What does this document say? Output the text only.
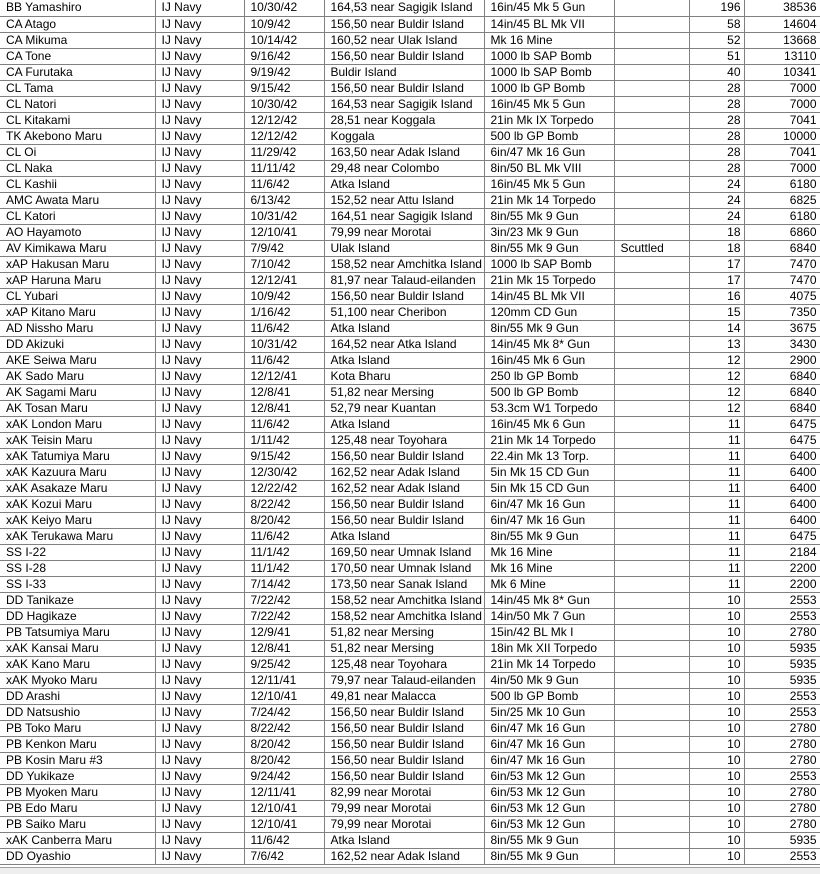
BB Yamashiro	IJ Navy	10/30/42	164,53 near Sagigik Island	16in/45 Mk 5 Gun		196	38536
CA Atago	IJ Navy	10/9/42	156,50 near Buldir Island	14in/45 BL Mk VII		58	14604
CA Mikuma	IJ Navy	10/14/42	160,52 near Ulak Island	Mk 16 Mine		52	13668
CA Tone	IJ Navy	9/16/42	156,50 near Buldir Island	1000 lb SAP Bomb		51	13110
CA Furutaka	IJ Navy	9/19/42	Buldir Island	1000 lb SAP Bomb		40	10341
CL Tama	IJ Navy	9/15/42	156,50 near Buldir Island	1000 lb GP Bomb		28	7000
CL Natori	IJ Navy	10/30/42	164,53 near Sagigik Island	16in/45 Mk 5 Gun		28	7000
CL Kitakami	IJ Navy	12/12/42	28,51 near Koggala	21in Mk IX Torpedo		28	7041
TK Akebono Maru	IJ Navy	12/12/42	Koggala	500 lb GP Bomb		28	10000
CL Oi	IJ Navy	11/29/42	163,50 near Adak Island	6in/47 Mk 16 Gun		28	7041
CL Naka	IJ Navy	11/11/42	29,48 near Colombo	8in/50 BL Mk VIII		28	7000
CL Kashii	IJ Navy	11/6/42	Atka Island	16in/45 Mk 5 Gun		24	6180
AMC Awata Maru	IJ Navy	6/13/42	152,52 near Attu Island	21in Mk 14 Torpedo		24	6825
CL Katori	IJ Navy	10/31/42	164,51 near Sagigik Island	8in/55 Mk 9 Gun		24	6180
AO Hayamoto	IJ Navy	12/10/41	79,99 near Morotai	3in/23 Mk 9 Gun		18	6860
AV Kimikawa Maru	IJ Navy	7/9/42	Ulak Island	8in/55 Mk 9 Gun	Scuttled	18	6840
xAP Hakusan Maru	IJ Navy	7/10/42	158,52 near Amchitka Island	1000 lb SAP Bomb		17	7470
xAP Haruna Maru	IJ Navy	12/12/41	81,97 near Talaud-eilanden	21in Mk 15 Torpedo		17	7470
CL Yubari	IJ Navy	10/9/42	156,50 near Buldir Island	14in/45 BL Mk VII		16	4075
xAP Kitano Maru	IJ Navy	1/16/42	51,100 near Cheribon	120mm CD Gun		15	7350
AD Nissho Maru	IJ Navy	11/6/42	Atka Island	8in/55 Mk 9 Gun		14	3675
DD Akizuki	IJ Navy	10/31/42	164,52 near Atka Island	14in/45 Mk 8* Gun		13	3430
AKE Seiwa Maru	IJ Navy	11/6/42	Atka Island	16in/45 Mk 6 Gun		12	2900
AK Sado Maru	IJ Navy	12/12/41	Kota Bharu	250 lb GP Bomb		12	6840
AK Sagami Maru	IJ Navy	12/8/41	51,82 near Mersing	500 lb GP Bomb		12	6840
AK Tosan Maru	IJ Navy	12/8/41	52,79 near Kuantan	53.3cm W1 Torpedo		12	6840
xAK London Maru	IJ Navy	11/6/42	Atka Island	16in/45 Mk 6 Gun		11	6475
xAK Teisin Maru	IJ Navy	1/11/42	125,48 near Toyohara	21in Mk 14 Torpedo		11	6475
xAK Tatumiya Maru	IJ Navy	9/15/42	156,50 near Buldir Island	22.4in Mk 13 Torp.		11	6400
xAK Kazuura Maru	IJ Navy	12/30/42	162,52 near Adak Island	5in Mk 15 CD Gun		11	6400
xAK Asakaze Maru	IJ Navy	12/22/42	162,52 near Adak Island	5in Mk 15 CD Gun		11	6400
xAK Kozui Maru	IJ Navy	8/22/42	156,50 near Buldir Island	6in/47 Mk 16 Gun		11	6400
xAK Keiyo Maru	IJ Navy	8/20/42	156,50 near Buldir Island	6in/47 Mk 16 Gun		11	6400
xAK Terukawa Maru	IJ Navy	11/6/42	Atka Island	8in/55 Mk 9 Gun		11	6475
SS I-22	IJ Navy	11/1/42	169,50 near Umnak Island	Mk 16 Mine		11	2184
SS I-28	IJ Navy	11/1/42	170,50 near Umnak Island	Mk 16 Mine		11	2200
SS I-33	IJ Navy	7/14/42	173,50 near Sanak Island	Mk 6 Mine		11	2200
DD Tanikaze	IJ Navy	7/22/42	158,52 near Amchitka Island	14in/45 Mk 8* Gun		10	2553
DD Hagikaze	IJ Navy	7/22/42	158,52 near Amchitka Island	14in/50 Mk 7 Gun		10	2553
PB Tatsumiya Maru	IJ Navy	12/9/41	51,82 near Mersing	15in/42 BL Mk I		10	2780
xAK Kansai Maru	IJ Navy	12/8/41	51,82 near Mersing	18in Mk XII Torpedo		10	5935
xAK Kano Maru	IJ Navy	9/25/42	125,48 near Toyohara	21in Mk 14 Torpedo		10	5935
xAK Myoko Maru	IJ Navy	12/11/41	79,97 near Talaud-eilanden	4in/50 Mk 9 Gun		10	5935
DD Arashi	IJ Navy	12/10/41	49,81 near Malacca	500 lb GP Bomb		10	2553
DD Natsushio	IJ Navy	7/24/42	156,50 near Buldir Island	5in/25 Mk 10 Gun		10	2553
PB Toko Maru	IJ Navy	8/22/42	156,50 near Buldir Island	6in/47 Mk 16 Gun		10	2780
PB Kenkon Maru	IJ Navy	8/20/42	156,50 near Buldir Island	6in/47 Mk 16 Gun		10	2780
PB Kosin Maru #3	IJ Navy	8/20/42	156,50 near Buldir Island	6in/47 Mk 16 Gun		10	2780
DD Yukikaze	IJ Navy	9/24/42	156,50 near Buldir Island	6in/53 Mk 12 Gun		10	2553
PB Myoken Maru	IJ Navy	12/11/41	82,99 near Morotai	6in/53 Mk 12 Gun		10	2780
PB Edo Maru	IJ Navy	12/10/41	79,99 near Morotai	6in/53 Mk 12 Gun		10	2780
PB Saiko Maru	IJ Navy	12/10/41	79,99 near Morotai	6in/53 Mk 12 Gun		10	2780
xAK Canberra Maru	IJ Navy	11/6/42	Atka Island	8in/55 Mk 9 Gun		10	5935
DD Oyashio	IJ Navy	7/6/42	162,52 near Adak Island	8in/55 Mk 9 Gun		10	2553
